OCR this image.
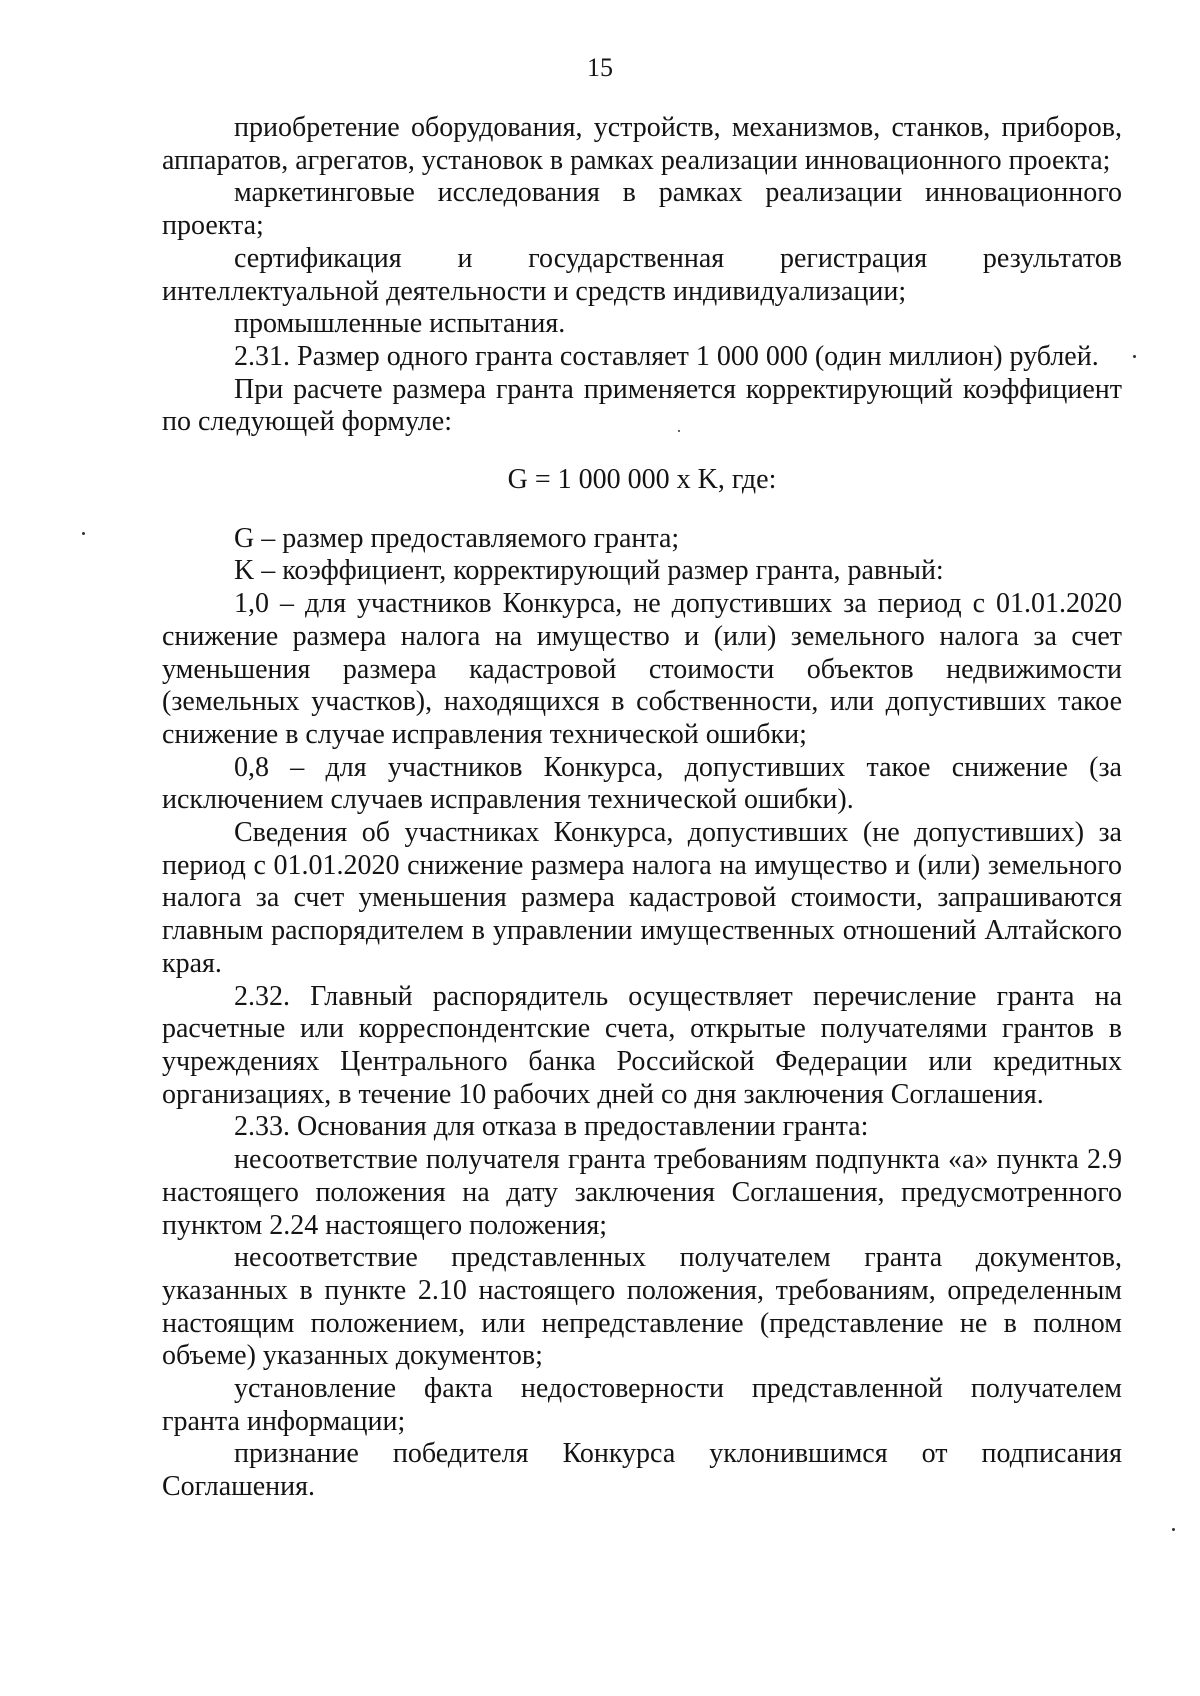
15

приобретение оборудования, устройств, механизмов, станков, приборов, аппаратов, агрегатов, установок в рамках реализации инновационного проекта;

маркетинговые исследования в рамках реализации инновационного проекта;

сертификация и государственная регистрация результатов интеллектуальной деятельности и средств индивидуализации;

промышленные испытания.

2.31. Размер одного гранта составляет 1 000 000 (один миллион) рублей.

При расчете размера гранта применяется корректирующий коэффициент по следующей формуле:

G = 1 000 000 x K, где:

G – размер предоставляемого гранта;

K – коэффициент, корректирующий размер гранта, равный:

1,0 – для участников Конкурса, не допустивших за период с 01.01.2020 снижение размера налога на имущество и (или) земельного налога за счет уменьшения размера кадастровой стоимости объектов недвижимости (земельных участков), находящихся в собственности, или допустивших такое снижение в случае исправления технической ошибки;

0,8 – для участников Конкурса, допустивших такое снижение (за исключением случаев исправления технической ошибки).

Сведения об участниках Конкурса, допустивших (не допустивших) за период с 01.01.2020 снижение размера налога на имущество и (или) земельного налога за счет уменьшения размера кадастровой стоимости, запрашиваются главным распорядителем в управлении имущественных отношений Алтайского края.

2.32. Главный распорядитель осуществляет перечисление гранта на расчетные или корреспондентские счета, открытые получателями грантов в учреждениях Центрального банка Российской Федерации или кредитных организациях, в течение 10 рабочих дней со дня заключения Соглашения.

2.33. Основания для отказа в предоставлении гранта:

несоответствие получателя гранта требованиям подпункта «а» пункта 2.9 настоящего положения на дату заключения Соглашения, предусмотренного пунктом 2.24 настоящего положения;

несоответствие представленных получателем гранта документов, указанных в пункте 2.10 настоящего положения, требованиям, определенным настоящим положением, или непредставление (представление не в полном объеме) указанных документов;

установление факта недостоверности представленной получателем гранта информации;

признание победителя Конкурса уклонившимся от подписания Соглашения.
